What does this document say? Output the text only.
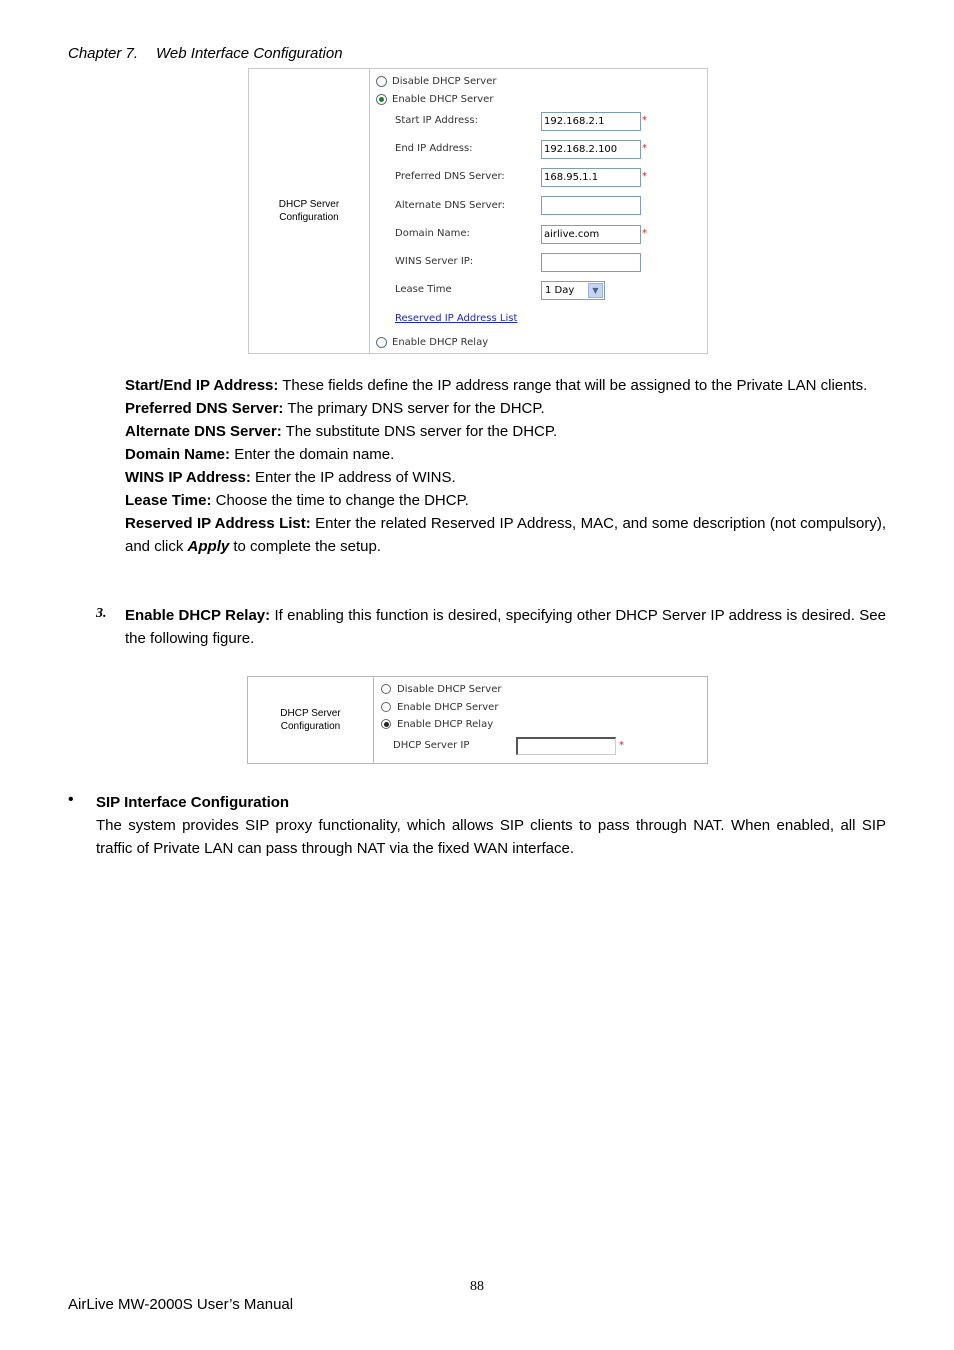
Chapter 7. Web Interface Configuration
DHCP Server
Configuration
Disable DHCP Server
Enable DHCP Server
Start IP Address:	192.168.2.1	*
End IP Address:	192.168.2.100	*
Preferred DNS Server:	168.95.1.1	*
Alternate DNS Server:
Domain Name:	airlive.com	*
WINS Server IP:
Lease Time	1 Day	▼
Reserved IP Address List
Enable DHCP Relay

Start/End IP Address: These fields define the IP address range that will be assigned to the Private LAN clients.

Preferred DNS Server: The primary DNS server for the DHCP.

Alternate DNS Server: The substitute DNS server for the DHCP.

Domain Name: Enter the domain name.

WINS IP Address: Enter the IP address of WINS.

Lease Time: Choose the time to change the DHCP.

Reserved IP Address List: Enter the related Reserved IP Address, MAC, and some description (not compulsory), and click Apply to complete the setup.

3. Enable DHCP Relay: If enabling this function is desired, specifying other DHCP Server IP address is desired. See the following figure.

DHCP Server
Configuration
Disable DHCP Server
Enable DHCP Server
Enable DHCP Relay
DHCP Server IP	*
• SIP Interface Configuration

The system provides SIP proxy functionality, which allows SIP clients to pass through NAT. When enabled, all SIP traffic of Private LAN can pass through NAT via the fixed WAN interface.

88
AirLive MW-2000S User’s Manual
